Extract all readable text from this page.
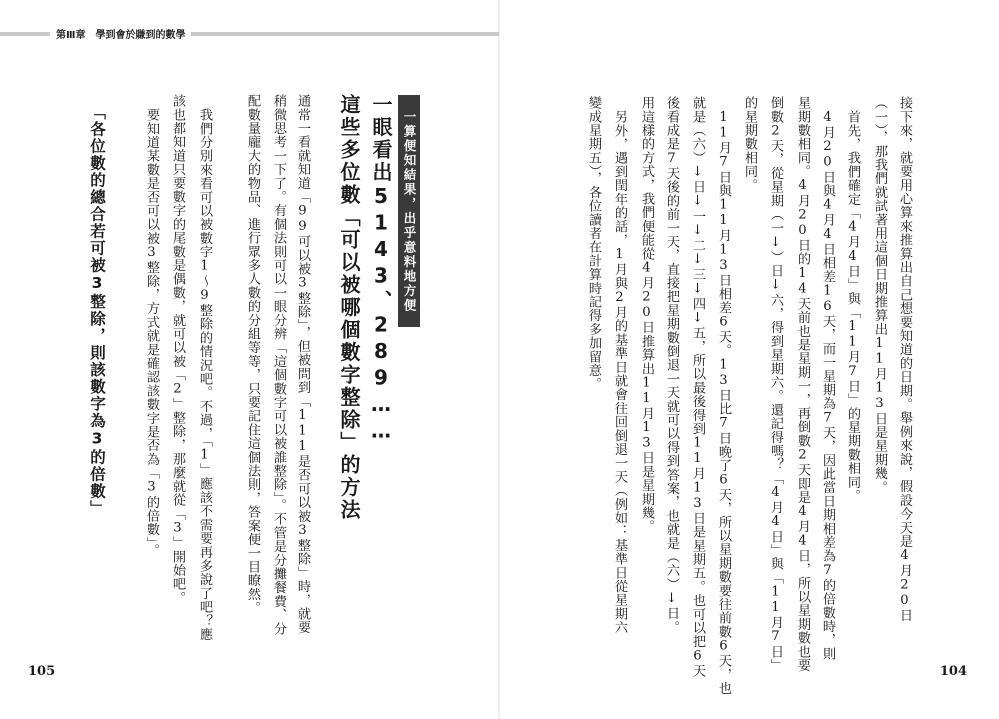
第Ⅲ章　學到會於賺到的數學
一算便知結果，出乎意料地方便
一眼看出5143、289……
這些多位數「可以被哪個數字整除」的方法
通常一看就知道「99可以被3整除」，但被問到「111是否可以被3整除」時，就要
稍微思考一下了。有個法則可以一眼分辨「這個數字可以被誰整除」。不管是分攤餐費、分
配數量龐大的物品、進行眾多人數的分組等等，只要記住這個法則，答案便一目瞭然。
我們分別來看可以被數字1～9整除的情況吧。不過，「1」應該不需要再多說了吧？應
該也都知道只要數字的尾數是偶數，就可以被「2」整除，那麼就從「3」開始吧。
要知道某數是否可以被3整除，方式就是確認該數字是否為「3的倍數」。
「各位數的總合若可被3整除，則該數字為3的倍數」
105
接下來，就要用心算來推算出自己想要知道的日期。舉例來說，假設今天是4月20日
（一），那我們就試著用這個日期推算出11月13日是星期幾。
首先，我們確定「4月4日」與「11月7日」的星期數相同。
4月20日與4月4日相差16天，而一星期為7天，因此當日期相差為7的倍數時，則
星期數相同。4月20日的14天前也是星期一，再倒數2天即是4月4日，所以星期數也要
倒數2天，從星期（一↓）日↓六，得到星期六。還記得嗎？「4月4日」與「11月7日」
的星期數相同。
11月7日與11月13日相差6天。13日比7日晚了6天，所以星期數要往前數6天，也
就是（六）↓日↓一↓二↓三↓四↓五，所以最後得到11月13日是星期五。也可以把6天
後看成是7天後的前一天，直接把星期數倒退一天就可以得到答案，也就是（六）↓日。
用這樣的方式，我們便能從4月20日推算出11月13日是星期幾。
另外，遇到閏年的話，1月與2月的基準日就會往回倒退一天（例如：基準日從星期六
變成星期五），各位讀者在計算時記得多加留意。
104
